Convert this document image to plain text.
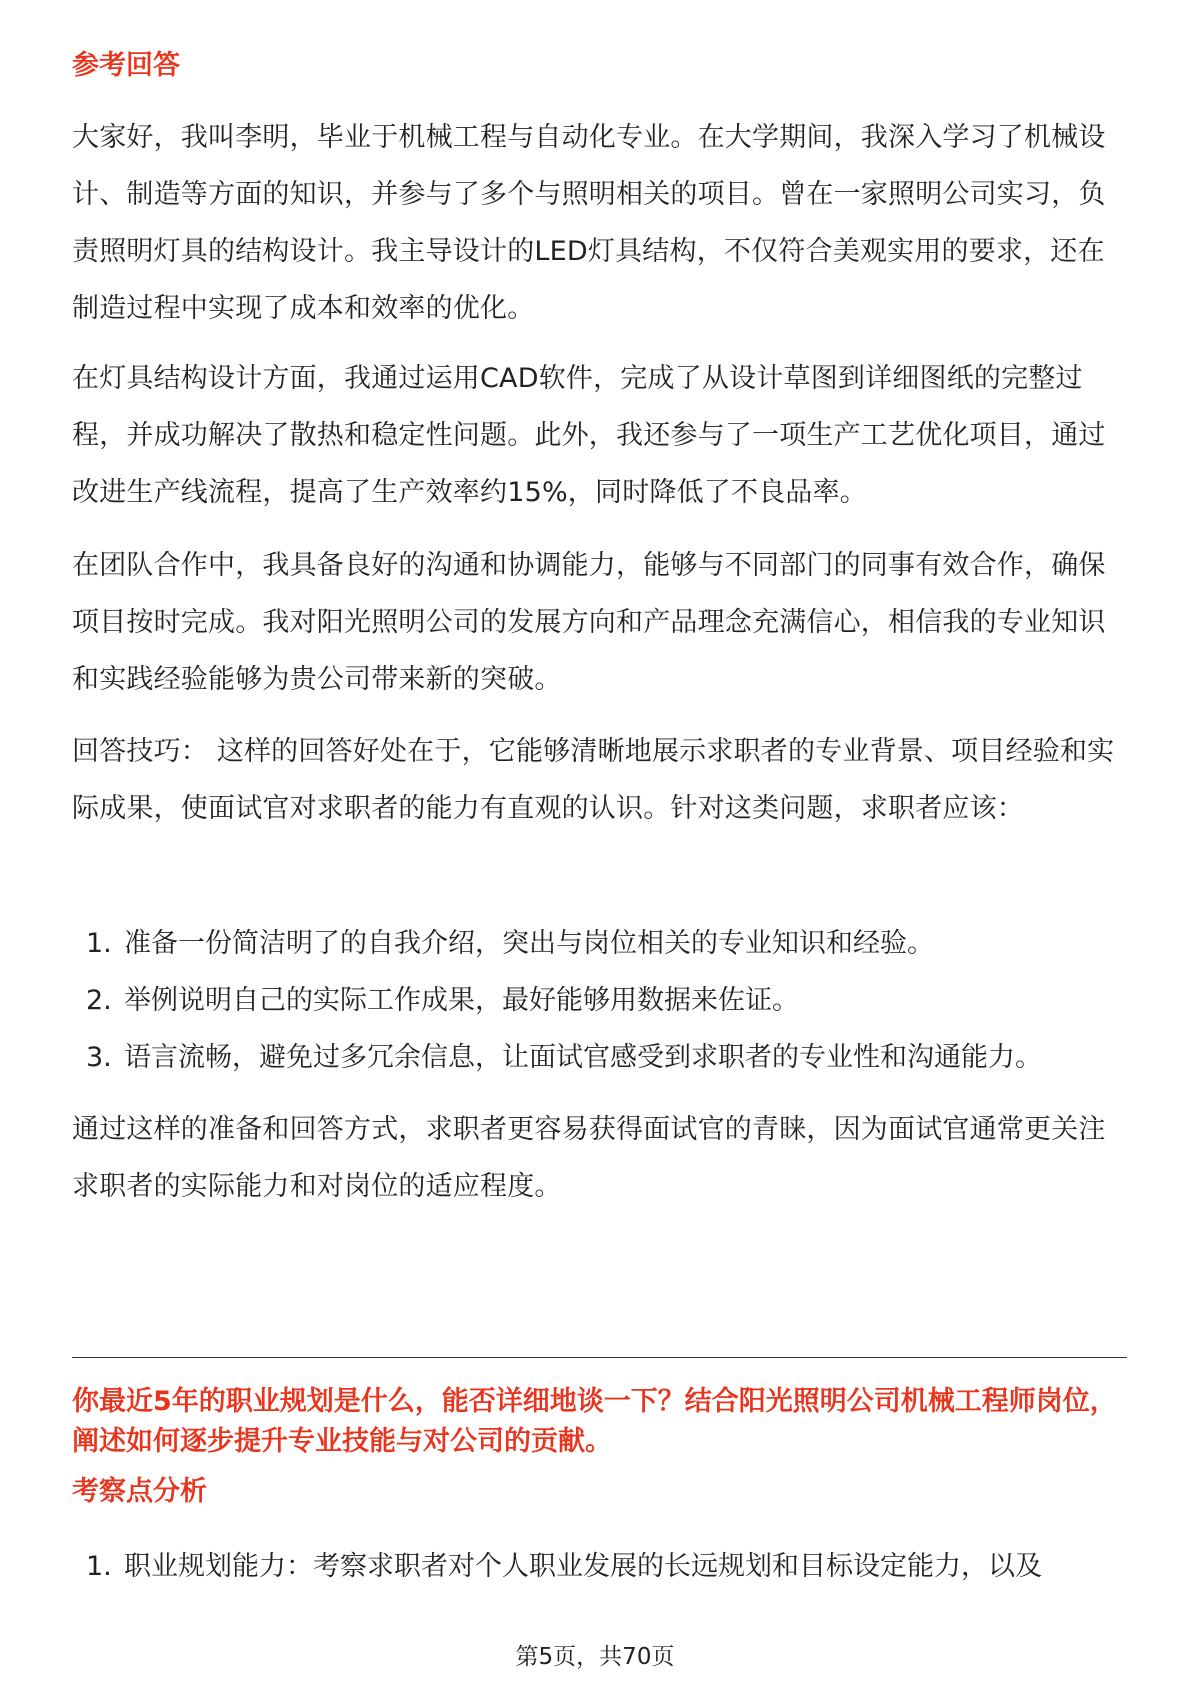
参考回答

大家好，我叫李明，毕业于机械工程与自动化专业。在大学期间，我深入学习了机械设计、制造等方面的知识，并参与了多个与照明相关的项目。曾在一家照明公司实习，负责照明灯具的结构设计。我主导设计的LED灯具结构，不仅符合美观实用的要求，还在制造过程中实现了成本和效率的优化。

在灯具结构设计方面，我通过运用CAD软件，完成了从设计草图到详细图纸的完整过程，并成功解决了散热和稳定性问题。此外，我还参与了一项生产工艺优化项目，通过改进生产线流程，提高了生产效率约15%，同时降低了不良品率。

在团队合作中，我具备良好的沟通和协调能力，能够与不同部门的同事有效合作，确保项目按时完成。我对阳光照明公司的发展方向和产品理念充满信心，相信我的专业知识和实践经验能够为贵公司带来新的突破。

回答技巧： 这样的回答好处在于，它能够清晰地展示求职者的专业背景、项目经验和实际成果，使面试官对求职者的能力有直观的认识。针对这类问题，求职者应该：

1. 准备一份简洁明了的自我介绍，突出与岗位相关的专业知识和经验。
2. 举例说明自己的实际工作成果，最好能够用数据来佐证。
3. 语言流畅，避免过多冗余信息，让面试官感受到求职者的专业性和沟通能力。

通过这样的准备和回答方式，求职者更容易获得面试官的青睐，因为面试官通常更关注求职者的实际能力和对岗位的适应程度。

你最近5年的职业规划是什么，能否详细地谈一下？结合阳光照明公司机械工程师岗位，阐述如何逐步提升专业技能与对公司的贡献。

考察点分析
1. 职业规划能力：考察求职者对个人职业发展的长远规划和目标设定能力，以及
第5页，共70页
